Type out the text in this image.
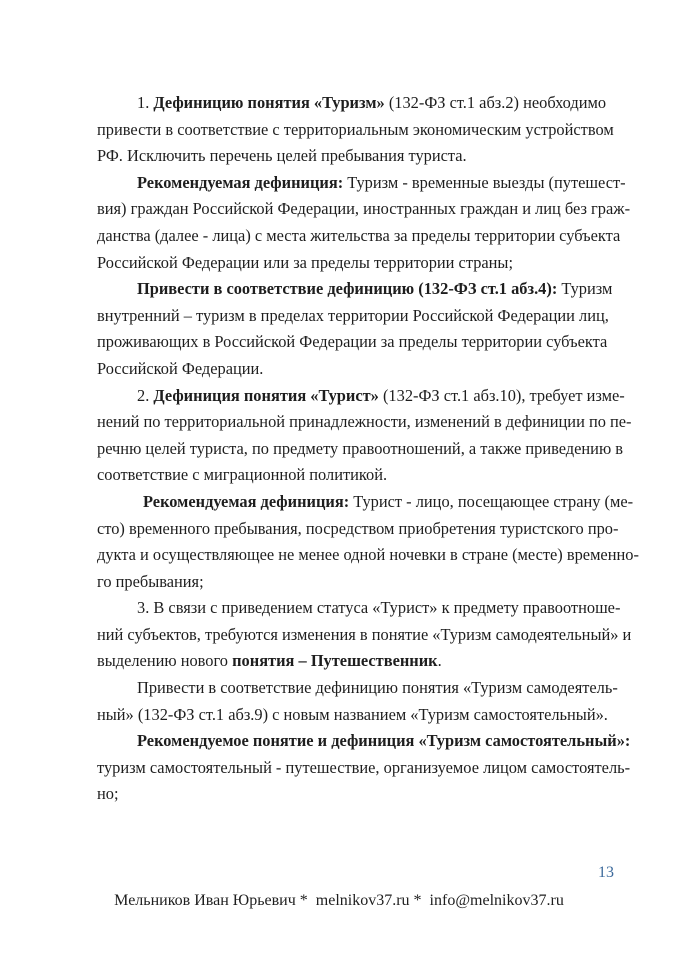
1. Дефиницию понятия «Туризм» (132-ФЗ ст.1 абз.2) необходимо
привести в соответствие с территориальным экономическим устройством
РФ. Исключить перечень целей пребывания туриста.
Рекомендуемая дефиниция: Туризм - временные выезды (путешест-
вия) граждан Российской Федерации, иностранных граждан и лиц без граж-
данства (далее - лица) с места жительства за пределы территории субъекта
Российской Федерации или за пределы территории страны;
Привести в соответствие дефиницию (132-ФЗ ст.1 абз.4): Туризм
внутренний – туризм в пределах территории Российской Федерации лиц,
проживающих в Российской Федерации за пределы территории субъекта
Российской Федерации.
2. Дефиниция понятия «Турист» (132-ФЗ ст.1 абз.10), требует изме-
нений по территориальной принадлежности, изменений в дефиниции по пе-
речню целей туриста, по предмету правоотношений, а также приведению в
соответствие с миграционной политикой.
Рекомендуемая дефиниция: Турист - лицо, посещающее страну (ме-
сто) временного пребывания, посредством приобретения туристского про-
дукта и осуществляющее не менее одной ночевки в стране (месте) временно-
го пребывания;
3. В связи с приведением статуса «Турист» к предмету правоотноше-
ний субъектов, требуются изменения в понятие «Туризм самодеятельный» и
выделению нового понятия – Путешественник.
Привести в соответствие дефиницию понятия «Туризм самодеятель-
ный» (132-ФЗ ст.1 абз.9) с новым названием «Туризм самостоятельный».
Рекомендуемое понятие и дефиниция «Туризм самостоятельный»:
туризм самостоятельный - путешествие, организуемое лицом самостоятель-
но;
13
Мельников Иван Юрьевич *  melnikov37.ru *  info@melnikov37.ru
